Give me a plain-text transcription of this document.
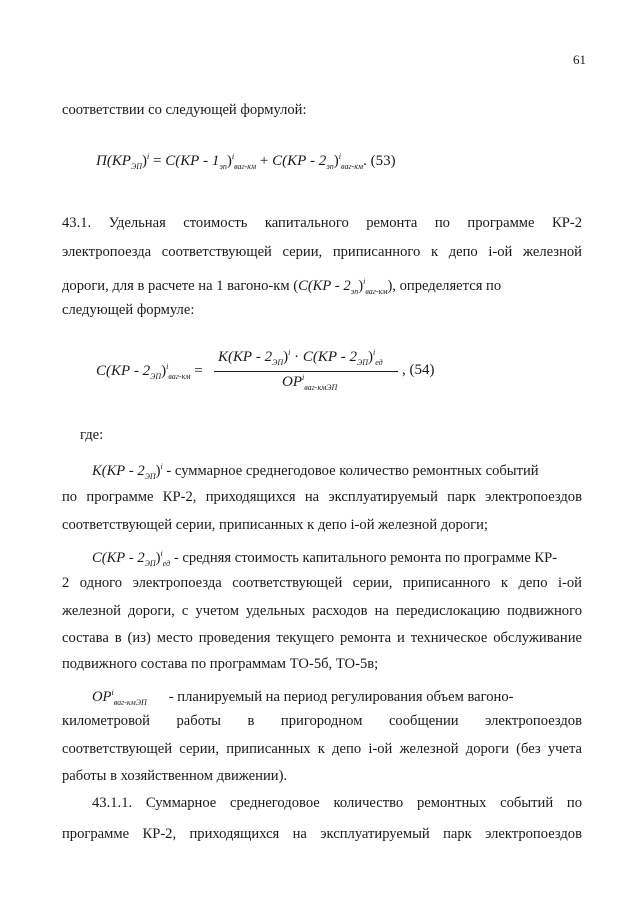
61
соответствии со следующей формулой:
$П(КР_{ЭП})^i = С(КР - 1_{эп})^i_{ваг-км} + С(КР - 2_{эп})^i_{ваг-км}$. (53)
43.1. Удельная стоимость капитального ремонта по программе КР-2
электропоезда соответствующей серии, приписанного к депо i-ой железной
дороги, для в расчете на 1 вагоно-км $(С(КР - 2_{эп})^i_{ваг-км})$, определяется по
следующей формуле:
$С(КР - 2_{ЭП})^i_{ваг-км}$ =
$К(КР - 2_{ЭП})^i \cdot С(КР - 2_{ЭП})^i_{ед}$
$ОР^i_{ваг-кмЭП}$
, (54)
где:
$К(КР - 2_{ЭП})^i$ - суммарное среднегодовое количество ремонтных событий
по программе КР-2, приходящихся на эксплуатируемый парк электропоездов
соответствующей серии, приписанных к депо i-ой железной дороги;
$С(КР - 2_{ЭП})^i_{ед}$ - средняя стоимость капитального ремонта по программе КР-
2 одного электропоезда соответствующей серии, приписанного к депо i-ой
железной дороги, с учетом удельных расходов на передислокацию подвижного
состава в (из) место проведения текущего ремонта и техническое обслуживание
подвижного состава по программам ТО-5б, ТО-5в;
$ОР^i_{ваг-кмЭП}$ - планируемый на период регулирования объем вагоно-
километровой работы в пригородном сообщении электропоездов
соответствующей серии, приписанных к депо i-ой железной дороги (без учета
работы в хозяйственном движении).
43.1.1. Суммарное среднегодовое количество ремонтных событий по
программе КР-2, приходящихся на эксплуатируемый парк электропоездов
